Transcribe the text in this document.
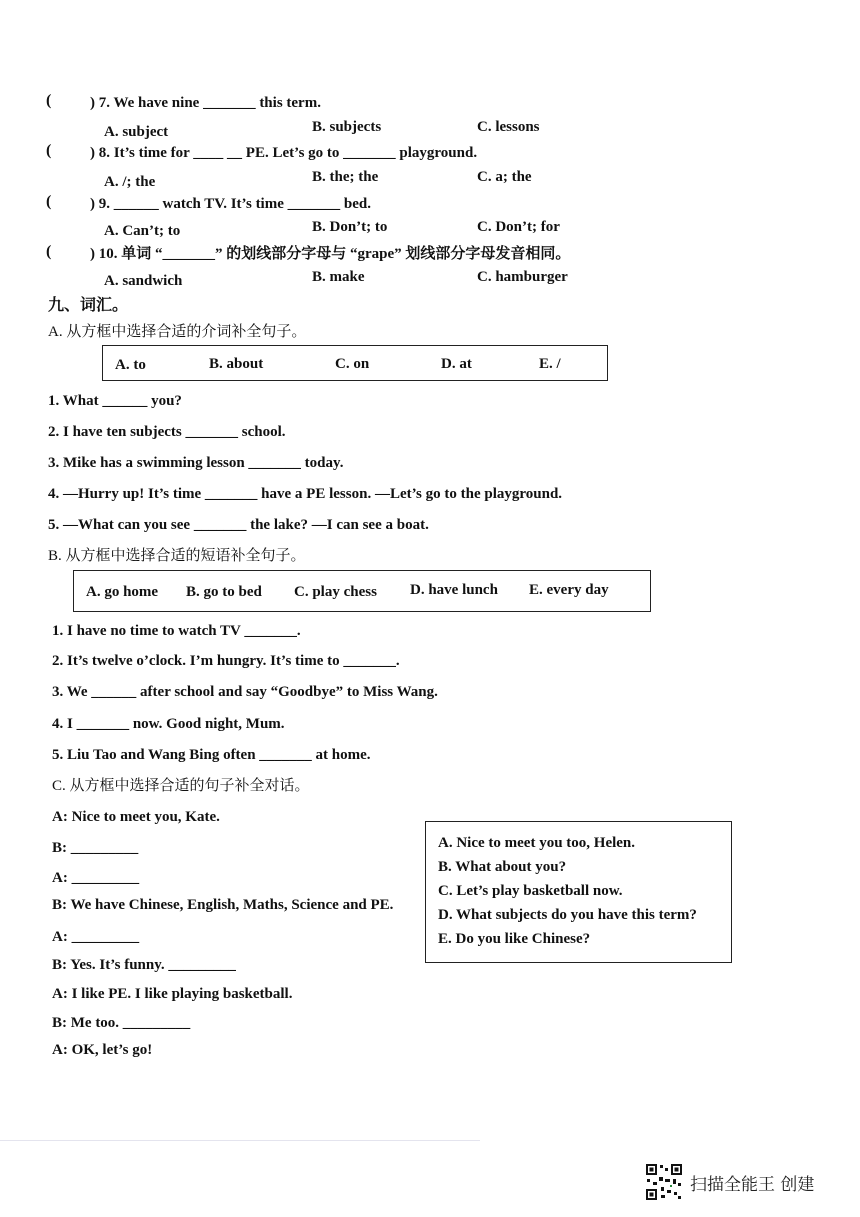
(	) 7. We have nine _______ this term.
A. subject	B. subjects	C. lessons
(	) 8. It’s time for ____ __ PE. Let’s go to _______ playground.
A. /; the	B. the; the	C. a; the
(	) 9. ______ watch TV. It’s time _______ bed.
A. Can’t; to	B. Don’t; to	C. Don’t; for
(	) 10. 单词 “_______” 的划线部分字母与 “grape” 划线部分字母发音相同。
A. sandwich	B. make	C. hamburger
九、词汇。
A. 从方框中选择合适的介词补全句子。
A. to	B. about	C. on	D. at	E. /
1. What ______ you?
2. I have ten subjects _______ school.
3. Mike has a swimming lesson _______ today.
4. —Hurry up! It’s time _______ have a PE lesson. —Let’s go to the playground.
5. —What can you see _______ the lake? —I can see a boat.
B. 从方框中选择合适的短语补全句子。
A. go home B. go to bed C. play chess D. have lunch E. every day
1. I have no time to watch TV _______.
2. It’s twelve o’clock. I’m hungry. It’s time to _______.
3. We ______ after school and say “Goodbye” to Miss Wang.
4. I _______ now. Good night, Mum.
5. Liu Tao and Wang Bing often _______ at home.
C. 从方框中选择合适的句子补全对话。
A: Nice to meet you, Kate.
B: _________
A: _________
B: We have Chinese, English, Maths, Science and PE.
A: _________
B: Yes. It’s funny. _________
A: I like PE. I like playing basketball.
B: Me too. _________
A: OK, let’s go!
A. Nice to meet you too, Helen.
B. What about you?
C. Let’s play basketball now.
D. What subjects do you have this term?
E. Do you like Chinese?
扫描全能王 创建
